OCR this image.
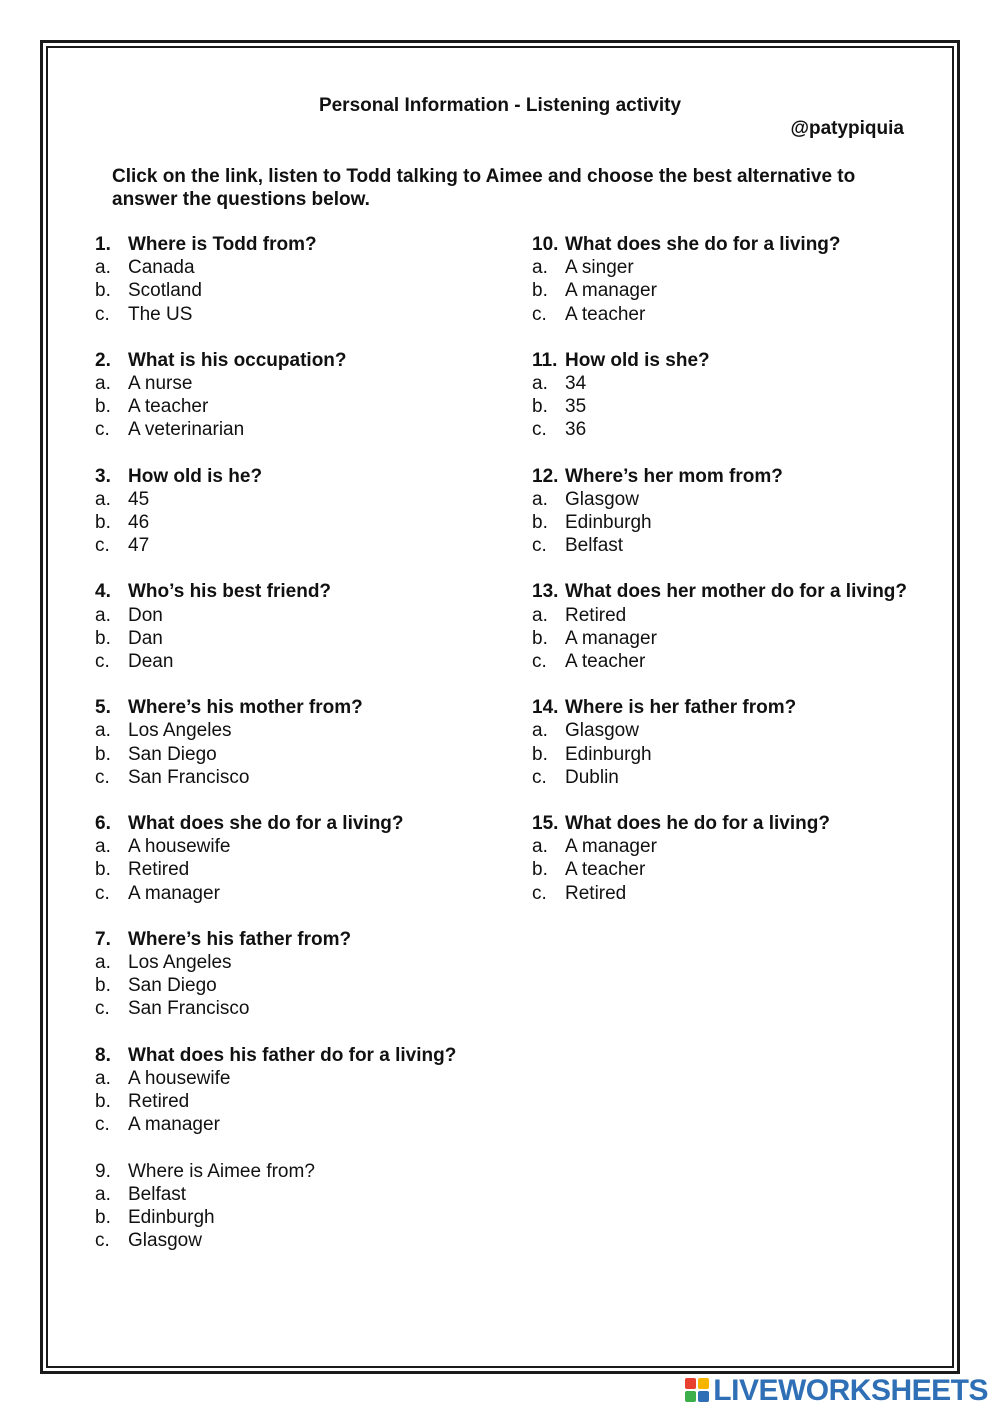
Personal Information - Listening activity
@patypiquia
Click on the link, listen to Todd talking to Aimee and choose the best alternative to answer the questions below.
1. Where is Todd from?
a. Canada
b. Scotland
c. The US
2. What is his occupation?
a. A nurse
b. A teacher
c. A veterinarian
3. How old is he?
a. 45
b. 46
c. 47
4. Who’s his best friend?
a. Don
b. Dan
c. Dean
5. Where’s his mother from?
a. Los Angeles
b. San Diego
c. San Francisco
6. What does she do for a living?
a. A housewife
b. Retired
c. A manager
7. Where’s his father from?
a. Los Angeles
b. San Diego
c. San Francisco
8. What does his father do for a living?
a. A housewife
b. Retired
c. A manager
9. Where is Aimee from?
a. Belfast
b. Edinburgh
c. Glasgow
10. What does she do for a living?
a. A singer
b. A manager
c. A teacher
11. How old is she?
a. 34
b. 35
c. 36
12. Where’s her mom from?
a. Glasgow
b. Edinburgh
c. Belfast
13. What does her mother do for a living?
a. Retired
b. A manager
c. A teacher
14. Where is her father from?
a. Glasgow
b. Edinburgh
c. Dublin
15. What does he do for a living?
a. A manager
b. A teacher
c. Retired
LIVEWORKSHEETS
